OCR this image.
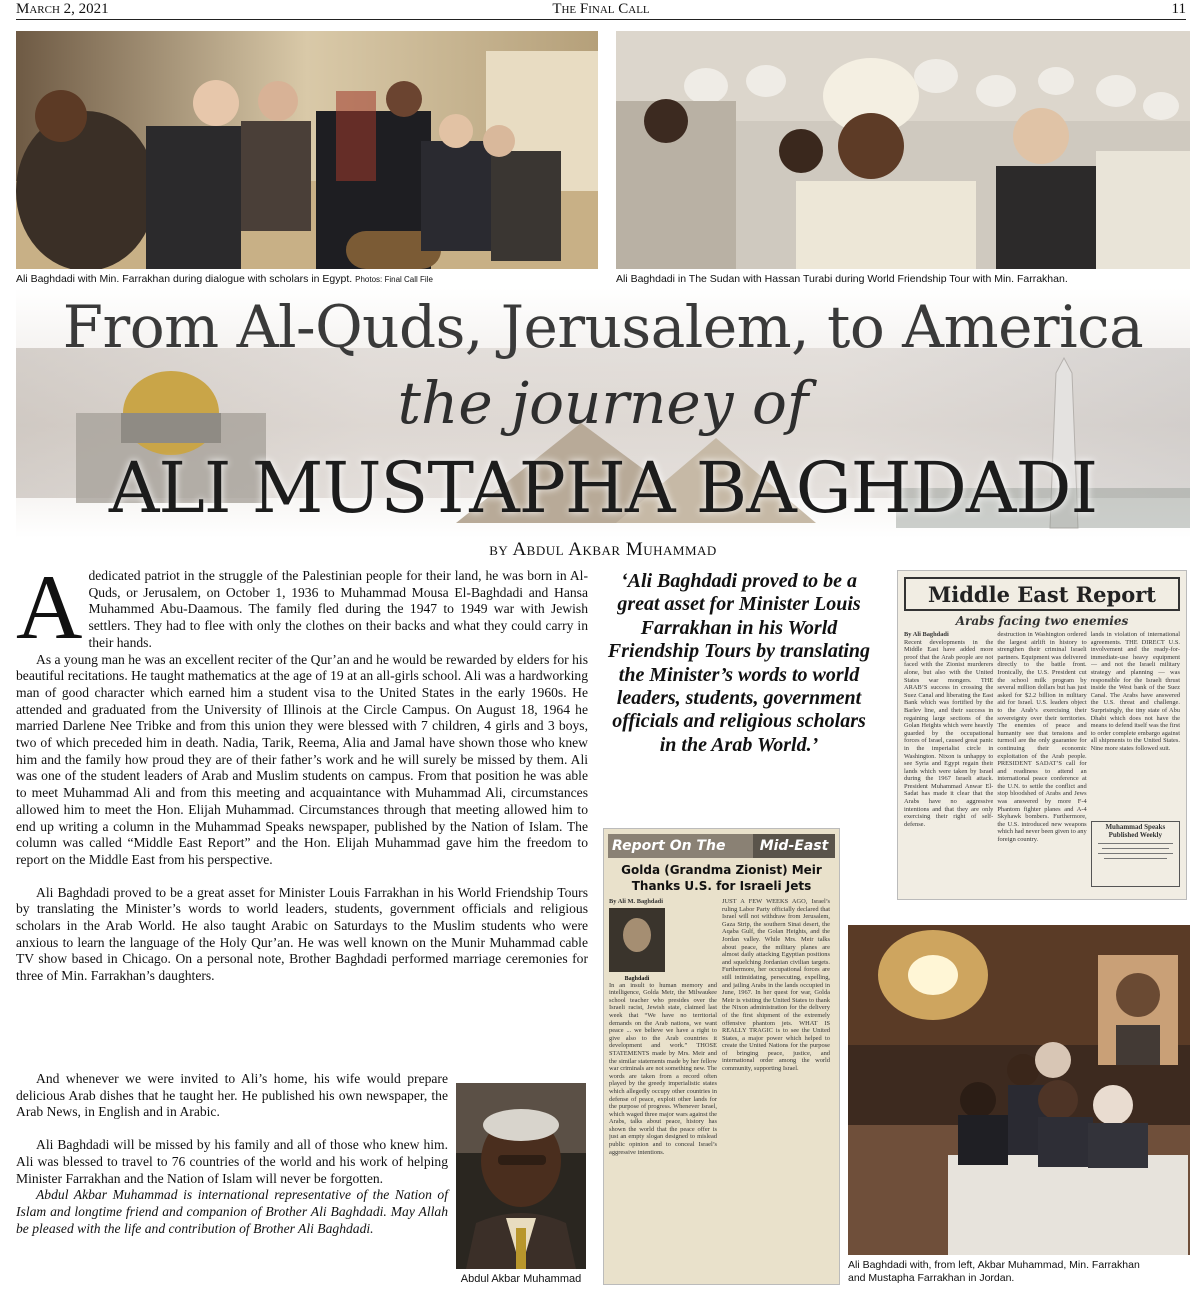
March 2, 2021	The Final Call	11
Ali Baghdadi with Min. Farrakhan during dialogue with scholars in Egypt. Photos: Final Call File	Ali Baghdadi in The Sudan with Hassan Turabi during World Friendship Tour with Min. Farrakhan.
From Al-Quds, Jerusalem, to America
the journey of
ALI MUSTAPHA BAGHDADI
by Abdul Akbar Muhammad

Adedicated patriot in the struggle of the Palestinian people for their land, he was born in Al-Quds, or Jerusalem, on October 1, 1936 to Muhammad Mousa El-Baghdadi and Hansa Muhammed Abu-Daamous. The family fled during the 1947 to 1949 war with Jewish settlers. They had to flee with only the clothes on their backs and what they could carry in their hands.

As a young man he was an excellent reciter of the Qur’an and he would be rewarded by elders for his beautiful recitations. He taught mathematics at the age of 19 at an all-girls school. Ali was a hardworking man of good character which earned him a student visa to the United States in the early 1960s. He attended and graduated from the University of Illinois at the Circle Campus. On August 18, 1964 he married Darlene Nee Tribke and from this union they were blessed with 7 children, 4 girls and 3 boys, two of which preceded him in death. Nadia, Tarik, Reema, Alia and Jamal have shown those who knew him and the family how proud they are of their father’s work and he will surely be missed by them. Ali was one of the student leaders of Arab and Muslim students on campus. From that position he was able to meet Muhammad Ali and from this meeting and acquaintance with Muhammad Ali, circumstances allowed him to meet the Hon. Elijah Muhammad. Circumstances through that meeting allowed him to end up writing a column in the Muhammad Speaks newspaper, published by the Nation of Islam. The column was called “Middle East Report” and the Hon. Elijah Muhammad gave him the freedom to report on the Middle East from his perspective.

Ali Baghdadi proved to be a great asset for Minister Louis Farrakhan in his World Friendship Tours by translating the Minister’s words to world leaders, students, government officials and religious scholars in the Arab World. He also taught Arabic on Saturdays to the Muslim students who were anxious to learn the language of the Holy Qur’an. He was well known on the Munir Muhammad cable TV show based in Chicago. On a personal note, Brother Baghdadi performed marriage ceremonies for three of Min. Farrakhan’s daughters.

And whenever we were invited to Ali’s home, his wife would prepare delicious Arab dishes that he taught her. He published his own newspaper, the Arab News, in English and in Arabic.

Ali Baghdadi will be missed by his family and all of those who knew him. Ali was blessed to travel to 76 countries of the world and his work of helping Minister Farrakhan and the Nation of Islam will never be forgotten.

Abdul Akbar Muhammad is international representative of the Nation of Islam and longtime friend and companion of Brother Ali Baghdadi. May Allah be pleased with the life and contribution of Brother Ali Baghdadi.

Abdul Akbar Muhammad
‘Ali Baghdadi proved to be a great asset for Minister Louis Farrakhan in his World Friendship Tours by translating the Minister’s words to world leaders, students, government officials and religious scholars in the Arab World.’
Middle East Report
Arabs facing two enemies
By Ali Baghdadi
Recent developments in the Middle East have added more proof that the Arab people are not faced with the Zionist murderers alone, but also with the United States war mongers. THE ARAB’S success in crossing the Suez Canal and liberating the East Bank which was fortified by the Barlev line, and their success in regaining large sections of the Golan Heights which were heavily guarded by the occupational forces of Israel, caused great panic in the imperialist circle in Washington. Nixon is unhappy to see Syria and Egypt regain their lands which were taken by Israel during the 1967 Israeli attack. President Muhammad Anwar El-Sadat has made it clear that the Arabs have no aggressive intentions and that they are only exercising their right of self-defense.
destruction in Washington ordered the largest airlift in history to strengthen their criminal Israeli partners. Equipment was delivered directly to the battle front. Ironically, the U.S. President cut the school milk program by several million dollars but has just asked for $2.2 billion in military aid for Israel. U.S. leaders object to the Arab’s exercising their sovereignty over their territories. The enemies of peace and humanity see that tensions and turmoil are the only guarantee for continuing their economic exploitation of the Arab people. PRESIDENT SADAT’S call for and readiness to attend an international peace conference at the U.N. to settle the conflict and stop bloodshed of Arabs and Jews was answered by more F-4 Phantom fighter planes and A-4 Skyhawk bombers. Furthermore, the U.S. introduced new weapons which had never been given to any foreign country.
lands in violation of international agreements. THE DIRECT U.S. involvement and the ready-for-immediate-use heavy equipment — and not the Israeli military strategy and planning — was responsible for the Israeli thrust inside the West bank of the Suez Canal. The Arabs have answered the U.S. threat and challenge. Surprisingly, the tiny state of Abu Dhabi which does not have the means to defend itself was the first to order complete embargo against all shipments to the United States. Nine more states followed suit.
Muhammad Speaks Published Weekly
Report On The	Mid-East
Golda (Grandma Zionist) Meir
Thanks U.S. for Israeli Jets
By Ali M. Baghdadi
Baghdadi
In an insult to human memory and intelligence, Golda Meir, the Milwaukee school teacher who presides over the Israeli racist, Jewish state, claimed last week that “We have no territorial demands on the Arab nations, we want peace ... we believe we have a right to give also to the Arab countries it development and work.” THOSE STATEMENTS made by Mrs. Meir and the similar statements made by her fellow war criminals are not something new. The words are taken from a record often played by the greedy imperialistic states which allegedly occupy other countries in defense of peace, exploit other lands for the purpose of progress. Whenever Israel, which waged three major wars against the Arabs, talks about peace, history has shown the world that the peace offer is just an empty slogan designed to mislead public opinion and to conceal Israel’s aggressive intentions.
JUST A FEW WEEKS AGO, Israel’s ruling Labor Party officially declared that Israel will not withdraw from Jerusalem, Gaza Strip, the southern Sinai desert, the Aqaba Gulf, the Golan Heights, and the Jordan valley. While Mrs. Meir talks about peace, the military planes are almost daily attacking Egyptian positions and squelching Jordanian civilian targets. Furthermore, her occupational forces are still intimidating, persecuting, expelling, and jailing Arabs in the lands occupied in June, 1967. In her quest for war, Golda Meir is visiting the United States to thank the Nixon administration for the delivery of the first shipment of the extremely offensive phantom jets. WHAT IS REALLY TRAGIC is to see the United States, a major power which helped to create the United Nations for the purpose of bringing peace, justice, and international order among the world community, supporting Israel.
Ali Baghdadi with, from left, Akbar Muhammad, Min. Farrakhan
and Mustapha Farrakhan in Jordan.
